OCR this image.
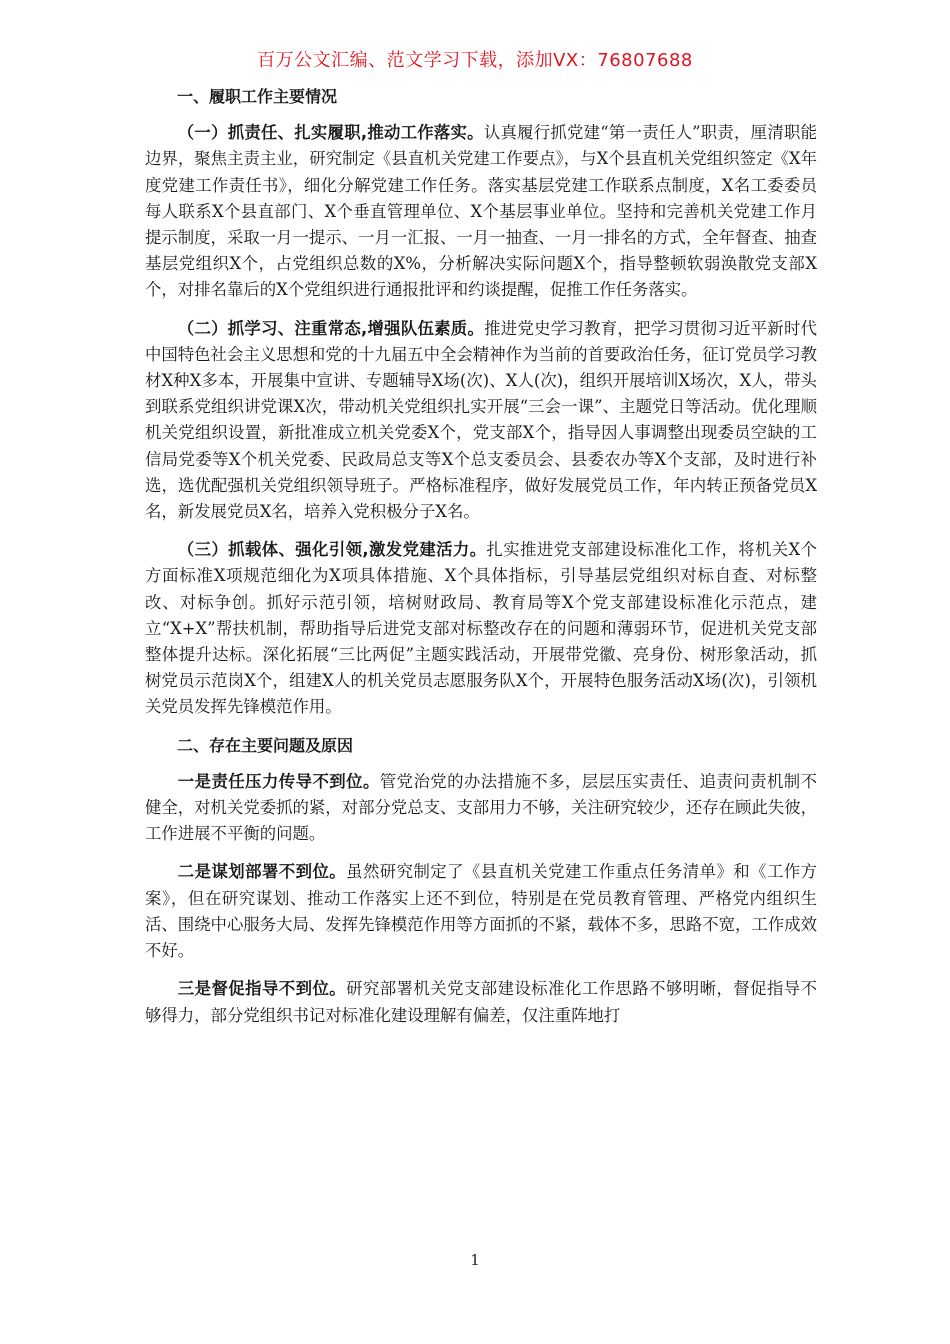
百万公文汇编、范文学习下载，添加VX：76807688

一、履职工作主要情况

（一）抓责任、扎实履职,推动工作落实。认真履行抓党建“第一责任人”职责，厘清职能边界，聚焦主责主业，研究制定《县直机关党建工作要点》，与X个县直机关党组织签定《X年度党建工作责任书》，细化分解党建工作任务。落实基层党建工作联系点制度，X名工委委员每人联系X个县直部门、X个垂直管理单位、X个基层事业单位。坚持和完善机关党建工作月提示制度，采取一月一提示、一月一汇报、一月一抽查、一月一排名的方式，全年督查、抽查基层党组织X个，占党组织总数的X%，分析解决实际问题X个，指导整顿软弱涣散党支部X个，对排名靠后的X个党组织进行通报批评和约谈提醒，促推工作任务落实。

（二）抓学习、注重常态,增强队伍素质。推进党史学习教育，把学习贯彻习近平新时代中国特色社会主义思想和党的十九届五中全会精神作为当前的首要政治任务，征订党员学习教材X种X多本，开展集中宣讲、专题辅导X场(次)、X人(次)，组织开展培训X场次，X人，带头到联系党组织讲党课X次，带动机关党组织扎实开展“三会一课”、主题党日等活动。优化理顺机关党组织设置，新批准成立机关党委X个，党支部X个，指导因人事调整出现委员空缺的工信局党委等X个机关党委、民政局总支等X个总支委员会、县委农办等X个支部，及时进行补选，选优配强机关党组织领导班子。严格标准程序，做好发展党员工作，年内转正预备党员X名，新发展党员X名，培养入党积极分子X名。

（三）抓载体、强化引领,激发党建活力。扎实推进党支部建设标准化工作，将机关X个方面标准X项规范细化为X项具体措施、X个具体指标，引导基层党组织对标自查、对标整改、对标争创。抓好示范引领，培树财政局、教育局等X个党支部建设标准化示范点，建立“X+X”帮扶机制，帮助指导后进党支部对标整改存在的问题和薄弱环节，促进机关党支部整体提升达标。深化拓展“三比两促”主题实践活动，开展带党徽、亮身份、树形象活动，抓树党员示范岗X个，组建X人的机关党员志愿服务队X个，开展特色服务活动X场(次)，引领机关党员发挥先锋模范作用。

二、存在主要问题及原因

一是责任压力传导不到位。管党治党的办法措施不多，层层压实责任、追责问责机制不健全，对机关党委抓的紧，对部分党总支、支部用力不够，关注研究较少，还存在顾此失彼，工作进展不平衡的问题。

二是谋划部署不到位。虽然研究制定了《县直机关党建工作重点任务清单》和《工作方案》，但在研究谋划、推动工作落实上还不到位，特别是在党员教育管理、严格党内组织生活、围绕中心服务大局、发挥先锋模范作用等方面抓的不紧，载体不多，思路不宽，工作成效不好。

三是督促指导不到位。研究部署机关党支部建设标准化工作思路不够明晰，督促指导不够得力，部分党组织书记对标准化建设理解有偏差，仅注重阵地打

1
